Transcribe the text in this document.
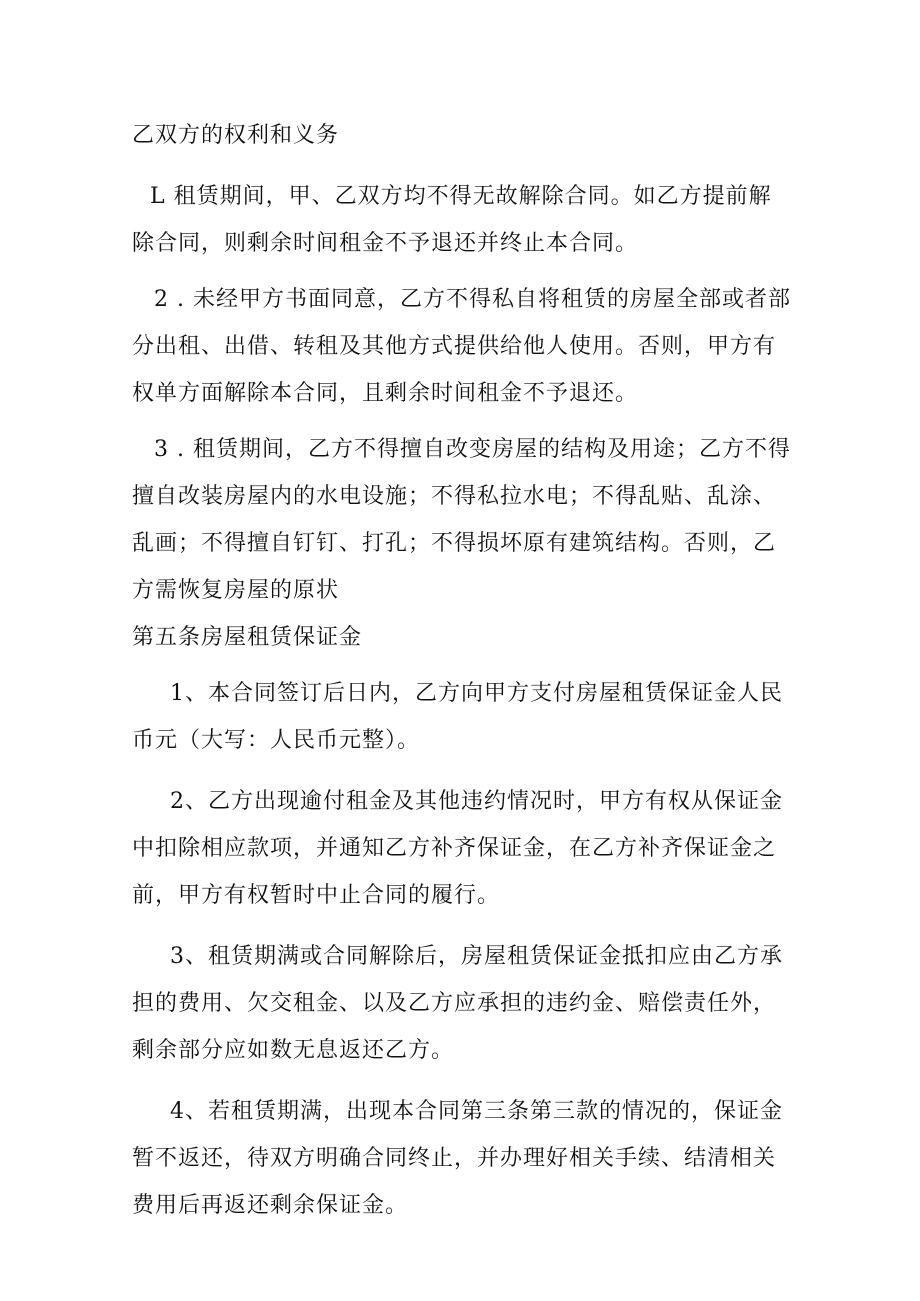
乙双方的权利和义务
L 租赁期间，甲、乙双方均不得无故解除合同。如乙方提前解
除合同，则剩余时间租金不予退还并终止本合同。
2 . 未经甲方书面同意，乙方不得私自将租赁的房屋全部或者部
分出租、出借、转租及其他方式提供给他人使用。否则，甲方有
权单方面解除本合同，且剩余时间租金不予退还。
3 . 租赁期间，乙方不得擅自改变房屋的结构及用途；乙方不得
擅自改装房屋内的水电设施；不得私拉水电；不得乱贴、乱涂、
乱画；不得擅自钉钉、打孔；不得损坏原有建筑结构。否则，乙
方需恢复房屋的原状
第五条房屋租赁保证金
1、本合同签订后日内，乙方向甲方支付房屋租赁保证金人民
币元（大写：人民币元整）。
2、乙方出现逾付租金及其他违约情况时，甲方有权从保证金
中扣除相应款项，并通知乙方补齐保证金，在乙方补齐保证金之
前，甲方有权暂时中止合同的履行。
3、租赁期满或合同解除后，房屋租赁保证金抵扣应由乙方承
担的费用、欠交租金、以及乙方应承担的违约金、赔偿责任外，
剩余部分应如数无息返还乙方。
4、若租赁期满，出现本合同第三条第三款的情况的，保证金
暂不返还，待双方明确合同终止，并办理好相关手续、结清相关
费用后再返还剩余保证金。
